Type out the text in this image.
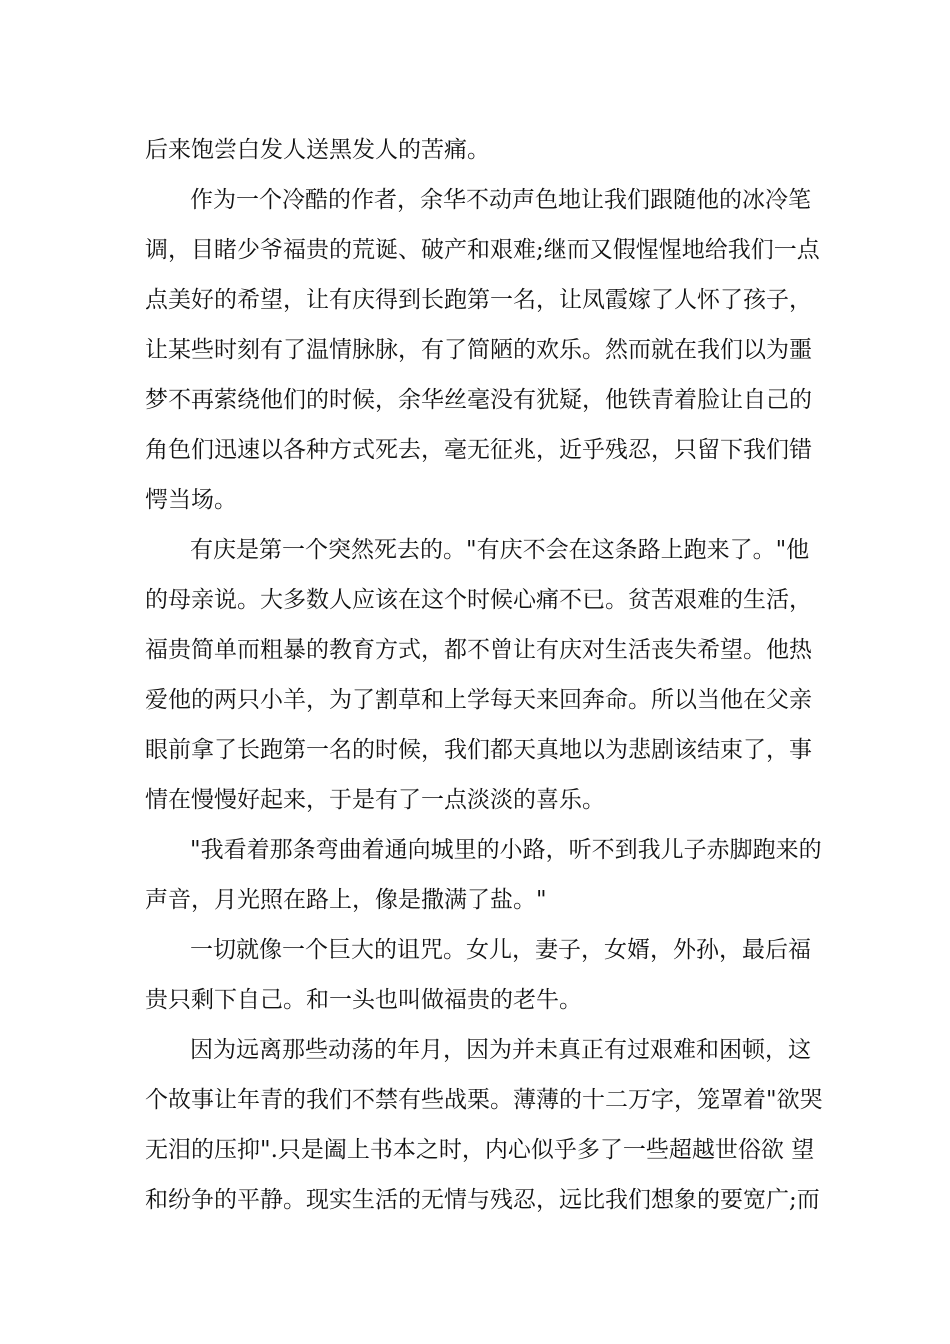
后来饱尝白发人送黑发人的苦痛。
作为一个冷酷的作者，余华不动声色地让我们跟随他的冰冷笔
调，目睹少爷福贵的荒诞、破产和艰难;继而又假惺惺地给我们一点
点美好的希望，让有庆得到长跑第一名，让凤霞嫁了人怀了孩子，
让某些时刻有了温情脉脉，有了简陋的欢乐。然而就在我们以为噩
梦不再萦绕他们的时候，余华丝毫没有犹疑，他铁青着脸让自己的
角色们迅速以各种方式死去，毫无征兆，近乎残忍，只留下我们错
愕当场。
有庆是第一个突然死去的。"有庆不会在这条路上跑来了。"他
的母亲说。大多数人应该在这个时候心痛不已。贫苦艰难的生活，
福贵简单而粗暴的教育方式，都不曾让有庆对生活丧失希望。他热
爱他的两只小羊，为了割草和上学每天来回奔命。所以当他在父亲
眼前拿了长跑第一名的时候，我们都天真地以为悲剧该结束了，事
情在慢慢好起来，于是有了一点淡淡的喜乐。
"我看着那条弯曲着通向城里的小路，听不到我儿子赤脚跑来的
声音，月光照在路上，像是撒满了盐。"
一切就像一个巨大的诅咒。女儿，妻子，女婿，外孙，最后福
贵只剩下自己。和一头也叫做福贵的老牛。
因为远离那些动荡的年月，因为并未真正有过艰难和困顿，这
个故事让年青的我们不禁有些战栗。薄薄的十二万字，笼罩着"欲哭
无泪的压抑".只是阖上书本之时，内心似乎多了一些超越世俗欲 望
和纷争的平静。现实生活的无情与残忍，远比我们想象的要宽广;而
